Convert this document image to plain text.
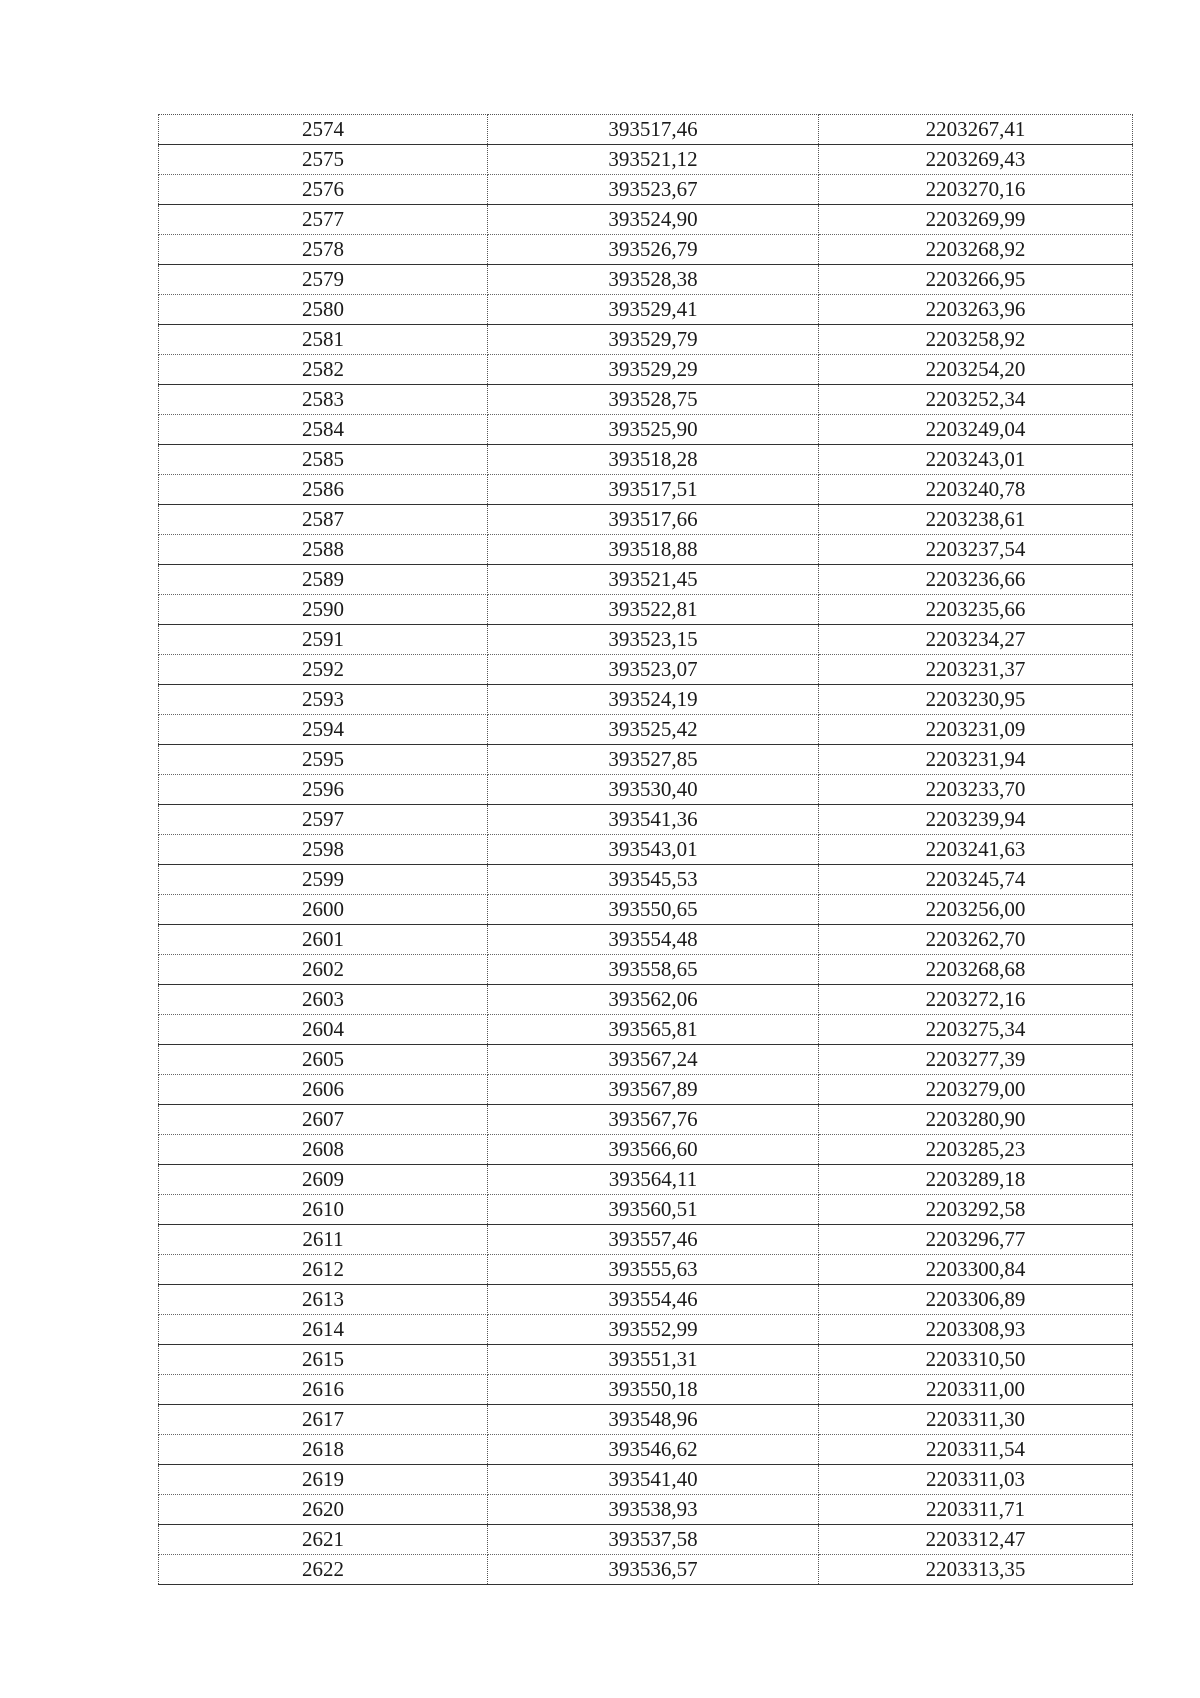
2574	393517,46	2203267,41
2575	393521,12	2203269,43
2576	393523,67	2203270,16
2577	393524,90	2203269,99
2578	393526,79	2203268,92
2579	393528,38	2203266,95
2580	393529,41	2203263,96
2581	393529,79	2203258,92
2582	393529,29	2203254,20
2583	393528,75	2203252,34
2584	393525,90	2203249,04
2585	393518,28	2203243,01
2586	393517,51	2203240,78
2587	393517,66	2203238,61
2588	393518,88	2203237,54
2589	393521,45	2203236,66
2590	393522,81	2203235,66
2591	393523,15	2203234,27
2592	393523,07	2203231,37
2593	393524,19	2203230,95
2594	393525,42	2203231,09
2595	393527,85	2203231,94
2596	393530,40	2203233,70
2597	393541,36	2203239,94
2598	393543,01	2203241,63
2599	393545,53	2203245,74
2600	393550,65	2203256,00
2601	393554,48	2203262,70
2602	393558,65	2203268,68
2603	393562,06	2203272,16
2604	393565,81	2203275,34
2605	393567,24	2203277,39
2606	393567,89	2203279,00
2607	393567,76	2203280,90
2608	393566,60	2203285,23
2609	393564,11	2203289,18
2610	393560,51	2203292,58
2611	393557,46	2203296,77
2612	393555,63	2203300,84
2613	393554,46	2203306,89
2614	393552,99	2203308,93
2615	393551,31	2203310,50
2616	393550,18	2203311,00
2617	393548,96	2203311,30
2618	393546,62	2203311,54
2619	393541,40	2203311,03
2620	393538,93	2203311,71
2621	393537,58	2203312,47
2622	393536,57	2203313,35
